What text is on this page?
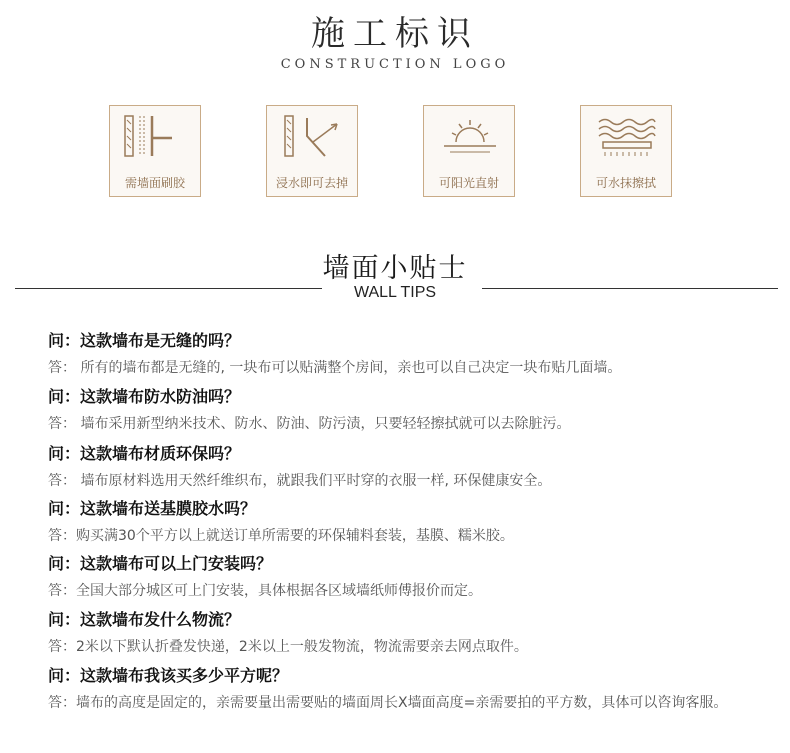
施工标识
CONSTRUCTION LOGO
需墙面刷胶	浸水即可去掉	可阳光直射	可水抹擦拭
墙面小贴士
WALL TIPS
问：这款墙布是无缝的吗？
答： 所有的墙布都是无缝的, 一块布可以贴满整个房间，亲也可以自己决定一块布贴几面墙。
问：这款墙布防水防油吗？
答： 墙布采用新型纳米技术、防水、防油、防污渍，只要轻轻擦拭就可以去除脏污。
问：这款墙布材质环保吗？
答： 墙布原材料选用天然纤维织布，就跟我们平时穿的衣服一样, 环保健康安全。
问：这款墙布送基膜胶水吗？
答：购买满30个平方以上就送订单所需要的环保辅料套装，基膜、糯米胶。
问：这款墙布可以上门安装吗？
答：全国大部分城区可上门安装，具体根据各区域墙纸师傅报价而定。
问：这款墙布发什么物流？
答：2米以下默认折叠发快递，2米以上一般发物流，物流需要亲去网点取件。
问：这款墙布我该买多少平方呢？
答：墙布的高度是固定的，亲需要量出需要贴的墙面周长X墙面高度=亲需要拍的平方数，具体可以咨询客服。
